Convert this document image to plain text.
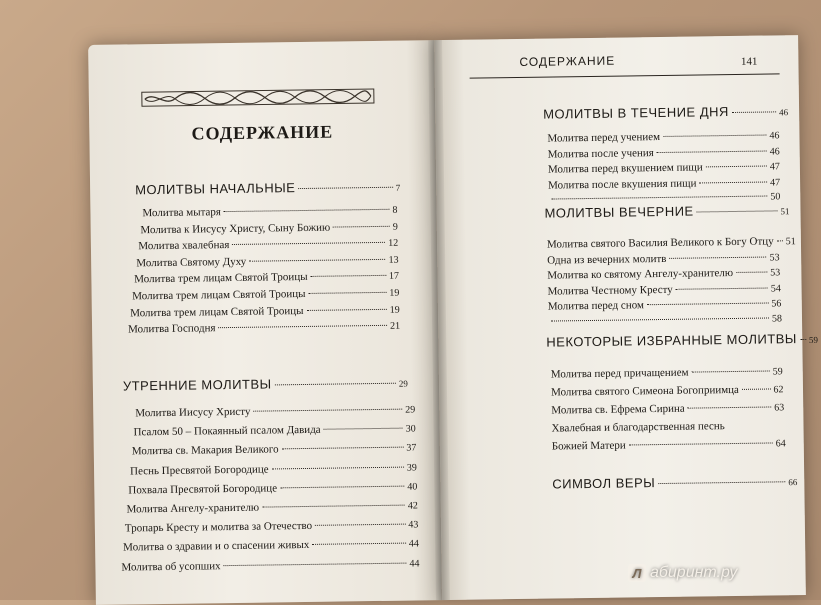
СОДЕРЖАНИЕ
МОЛИТВЫ НАЧАЛЬНЫЕ	7
Молитва мытаря	8
Молитва к Иисусу Христу, Сыну Божию	9
Молитва хвалебная	12
Молитва Святому Духу	13
Молитва трем лицам Святой Троицы	17
Молитва трем лицам Святой Троицы	19
Молитва трем лицам Святой Троицы	19
Молитва Господня	21
УТРЕННИЕ МОЛИТВЫ	29
Молитва Иисусу Христу	29
Псалом 50 – Покаянный псалом Давида	30
Молитва св. Макария Великого	37
Песнь Пресвятой Богородице	39
Похвала Пресвятой Богородице	40
Молитва Ангелу-хранителю	42
Тропарь Кресту и молитва за Отечество	43
Молитва о здравии и о спасении живых	44
Молитва об усопших	44
СОДЕРЖАНИЕ	141
МОЛИТВЫ В ТЕЧЕНИЕ ДНЯ	46
Молитва перед учением	46
Молитва после учения	46
Молитва перед вкушением пищи	47
Молитва после вкушения пищи	47
50
МОЛИТВЫ ВЕЧЕРНИЕ	51
Молитва святого Василия Великого к Богу Отцу 51
Одна из вечерних молитв	53
Молитва ко святому Ангелу-хранителю	53
Молитва Честному Кресту	54
Молитва перед сном	56
58
НЕКОТОРЫЕ ИЗБРАННЫЕ МОЛИТВЫ 59
Молитва перед причащением	59
Молитва святого Симеона Богоприимца	62
Молитва св. Ефрема Сирина	63
Хвалебная и благодарственная песнь
Божией Матери	64
СИМВОЛ ВЕРЫ	66
Л абиринт.ру
